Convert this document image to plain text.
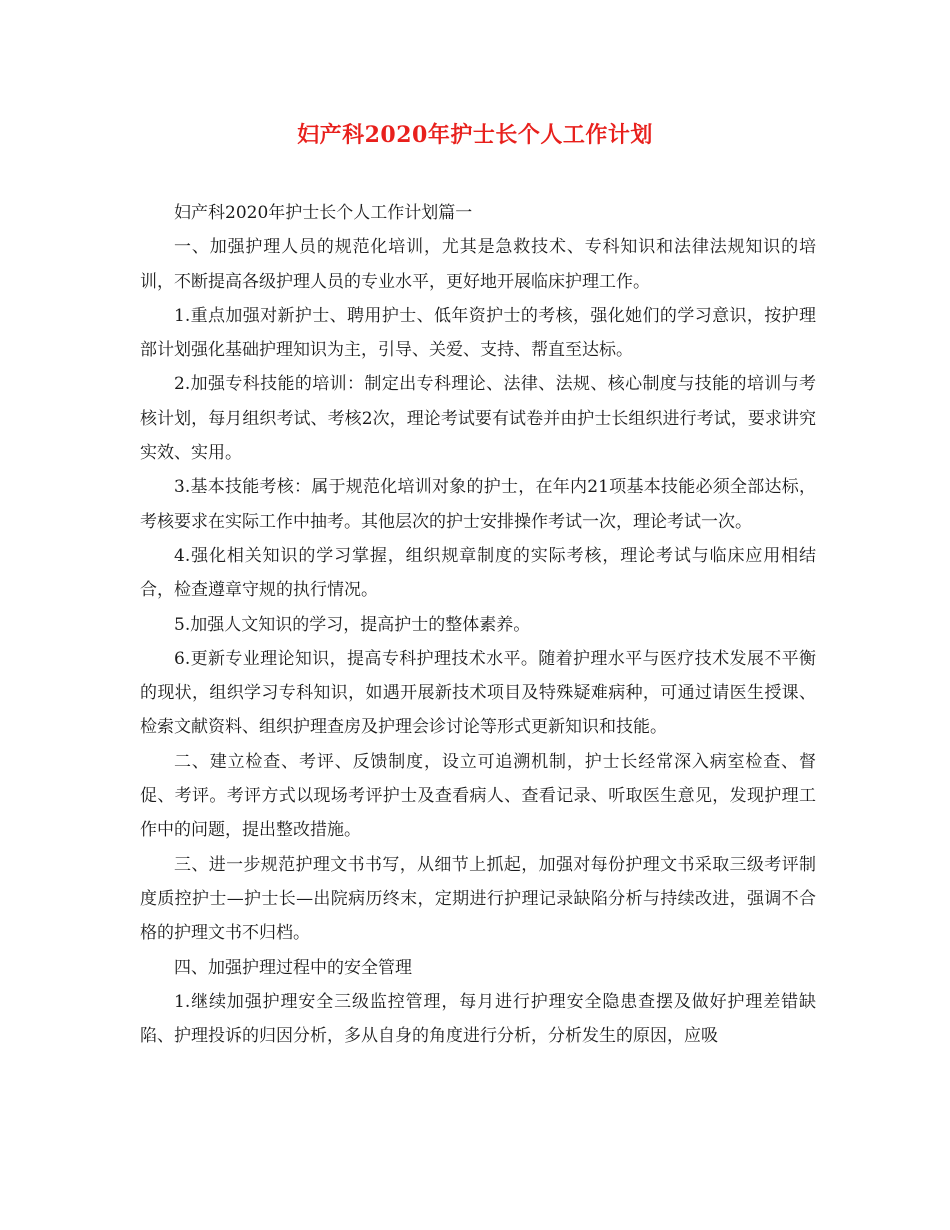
妇产科2020年护士长个人工作计划

妇产科2020年护士长个人工作计划篇一

一、加强护理人员的规范化培训，尤其是急救技术、专科知识和法律法规知识的培训，不断提高各级护理人员的专业水平，更好地开展临床护理工作。

1.重点加强对新护士、聘用护士、低年资护士的考核，强化她们的学习意识，按护理部计划强化基础护理知识为主，引导、关爱、支持、帮直至达标。

2.加强专科技能的培训：制定出专科理论、法律、法规、核心制度与技能的培训与考核计划，每月组织考试、考核2次，理论考试要有试卷并由护士长组织进行考试，要求讲究实效、实用。

3.基本技能考核：属于规范化培训对象的护士，在年内21项基本技能必须全部达标，考核要求在实际工作中抽考。其他层次的护士安排操作考试一次，理论考试一次。

4.强化相关知识的学习掌握，组织规章制度的实际考核，理论考试与临床应用相结合，检查遵章守规的执行情况。

5.加强人文知识的学习，提高护士的整体素养。

6.更新专业理论知识，提高专科护理技术水平。随着护理水平与医疗技术发展不平衡的现状，组织学习专科知识，如遇开展新技术项目及特殊疑难病种，可通过请医生授课、检索文献资料、组织护理查房及护理会诊讨论等形式更新知识和技能。

二、建立检查、考评、反馈制度，设立可追溯机制，护士长经常深入病室检查、督促、考评。考评方式以现场考评护士及查看病人、查看记录、听取医生意见，发现护理工作中的问题，提出整改措施。

三、进一步规范护理文书书写，从细节上抓起，加强对每份护理文书采取三级考评制度质控护士—护士长—出院病历终末，定期进行护理记录缺陷分析与持续改进，强调不合格的护理文书不归档。

四、加强护理过程中的安全管理

1.继续加强护理安全三级监控管理，每月进行护理安全隐患查摆及做好护理差错缺陷、护理投诉的归因分析，多从自身的角度进行分析，分析发生的原因，应吸
